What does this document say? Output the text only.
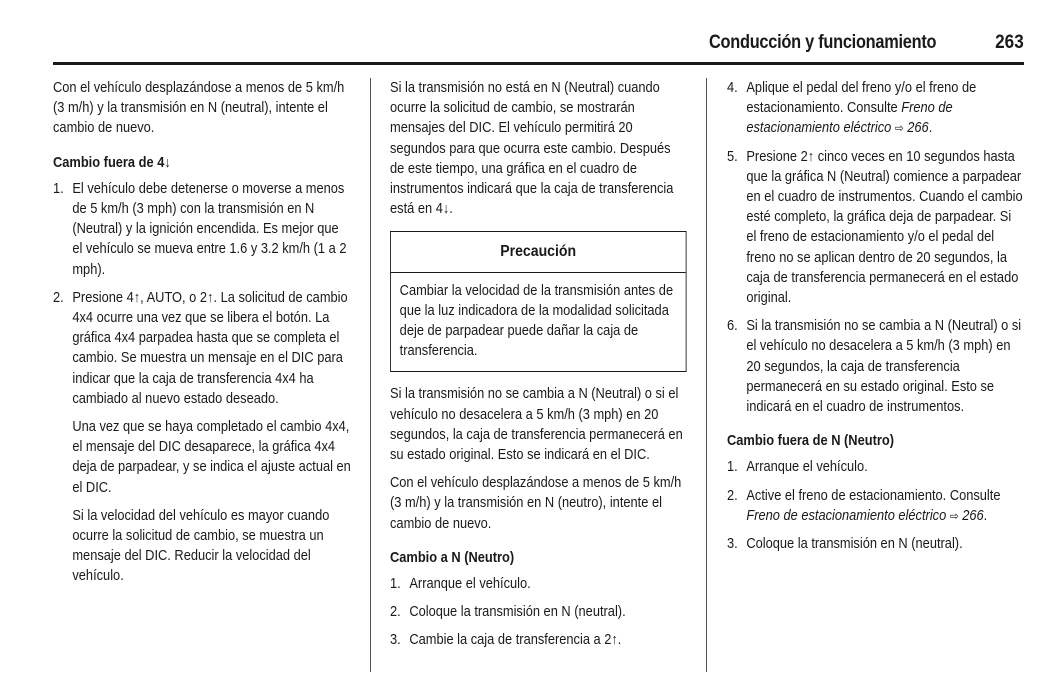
Conducción y funcionamiento	263

Con el vehículo desplazándose a menos de 5 km/h (3 m/h) y la transmisión en N (neutral), intente el cambio de nuevo.

Cambio fuera de 4↓
1. El vehículo debe detenerse o moverse a menos de 5 km/h (3 mph) con la transmisión en N (Neutral) y la ignición encendida. Es mejor que el vehículo se mueva entre 1.6 y 3.2 km/h (1 a 2 mph).

2. Presione 4↑, AUTO, o 2↑. La solicitud de cambio 4x4 ocurre una vez que se libera el botón. La gráfica 4x4 parpadea hasta que se completa el cambio. Se muestra un mensaje en el DIC para indicar que la caja de transferencia 4x4 ha cambiado al nuevo estado deseado.

Una vez que se haya completado el cambio 4x4, el mensaje del DIC desaparece, la gráfica 4x4 deja de parpadear, y se indica el ajuste actual en el DIC.

Si la velocidad del vehículo es mayor cuando ocurre la solicitud de cambio, se muestra un mensaje del DIC. Reducir la velocidad del vehículo.

Si la transmisión no está en N (Neutral) cuando ocurre la solicitud de cambio, se mostrarán mensajes del DIC. El vehículo permitirá 20 segundos para que ocurra este cambio. Después de este tiempo, una gráfica en el cuadro de instrumentos indicará que la caja de transferencia está en 4↓.

Precaución
Cambiar la velocidad de la transmisión antes de que la luz indicadora de la modalidad solicitada deje de parpadear puede dañar la caja de transferencia.

Si la transmisión no se cambia a N (Neutral) o si el vehículo no desacelera a 5 km/h (3 mph) en 20 segundos, la caja de transferencia permanecerá en su estado original. Esto se indicará en el DIC.

Con el vehículo desplazándose a menos de 5 km/h (3 m/h) y la transmisión en N (neutro), intente el cambio de nuevo.

Cambio a N (Neutro)
1. Arranque el vehículo.

2. Coloque la transmisión en N (neutral).

3. Cambie la caja de transferencia a 2↑.

4. Aplique el pedal del freno y/o el freno de estacionamiento. Consulte Freno de estacionamiento eléctrico ⇨ 266.

5. Presione 2↑ cinco veces en 10 segundos hasta que la gráfica N (Neutral) comience a parpadear en el cuadro de instrumentos. Cuando el cambio esté completo, la gráfica deja de parpadear. Si el freno de estacionamiento y/o el pedal del freno no se aplican dentro de 20 segundos, la caja de transferencia permanecerá en el estado original.

6. Si la transmisión no se cambia a N (Neutral) o si el vehículo no desacelera a 5 km/h (3 mph) en 20 segundos, la caja de transferencia permanecerá en su estado original. Esto se indicará en el cuadro de instrumentos.

Cambio fuera de N (Neutro)
1. Arranque el vehículo.

2. Active el freno de estacionamiento. Consulte Freno de estacionamiento eléctrico ⇨ 266.

3. Coloque la transmisión en N (neutral).
